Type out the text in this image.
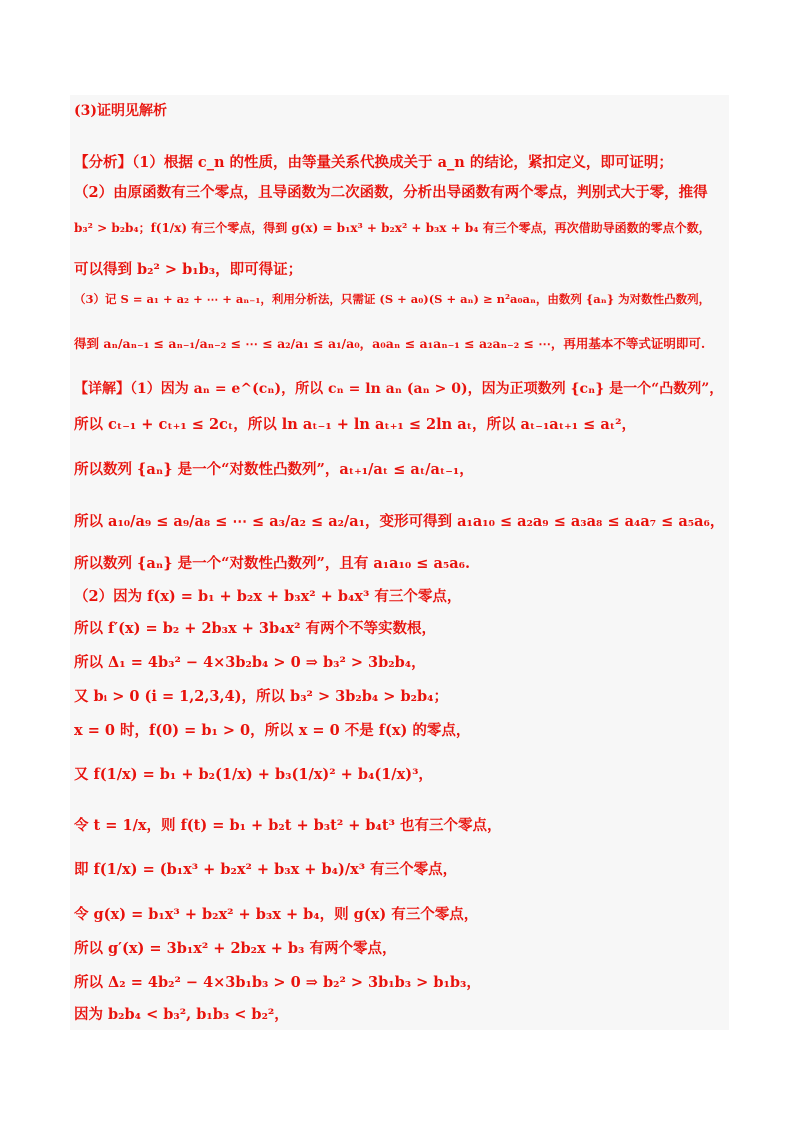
(3)证明见解析
【分析】（1）根据 c_n 的性质，由等量关系代换成关于 a_n 的结论，紧扣定义，即可证明；
（2）由原函数有三个零点，且导函数为二次函数，分析出导函数有两个零点，判别式大于零，推得
b₃² > b₂b₄；f(1/x) 有三个零点，得到 g(x) = b₁x³ + b₂x² + b₃x + b₄ 有三个零点，再次借助导函数的零点个数，
可以得到 b₂² > b₁b₃，即可得证；
（3）记 S = a₁ + a₂ + ⋯ + aₙ₋₁，利用分析法，只需证 (S + a₀)(S + aₙ) ≥ n²a₀aₙ，由数列 {aₙ} 为对数性凸数列，
得到 aₙ/aₙ₋₁ ≤ aₙ₋₁/aₙ₋₂ ≤ ⋯ ≤ a₂/a₁ ≤ a₁/a₀，a₀aₙ ≤ a₁aₙ₋₁ ≤ a₂aₙ₋₂ ≤ ⋯，再用基本不等式证明即可.
【详解】（1）因为 aₙ = e^(cₙ)，所以 cₙ = ln aₙ (aₙ > 0)，因为正项数列 {cₙ} 是一个“凸数列”，
所以 cₜ₋₁ + cₜ₊₁ ≤ 2cₜ，所以 ln aₜ₋₁ + ln aₜ₊₁ ≤ 2ln aₜ，所以 aₜ₋₁aₜ₊₁ ≤ aₜ²，
所以数列 {aₙ} 是一个“对数性凸数列”，aₜ₊₁/aₜ ≤ aₜ/aₜ₋₁，
所以 a₁₀/a₉ ≤ a₉/a₈ ≤ ⋯ ≤ a₃/a₂ ≤ a₂/a₁，变形可得到 a₁a₁₀ ≤ a₂a₉ ≤ a₃a₈ ≤ a₄a₇ ≤ a₅a₆，
所以数列 {aₙ} 是一个“对数性凸数列”，且有 a₁a₁₀ ≤ a₅a₆.
（2）因为 f(x) = b₁ + b₂x + b₃x² + b₄x³ 有三个零点，
所以 f′(x) = b₂ + 2b₃x + 3b₄x² 有两个不等实数根，
所以 Δ₁ = 4b₃² − 4×3b₂b₄ > 0 ⇒ b₃² > 3b₂b₄，
又 bᵢ > 0 (i = 1,2,3,4)，所以 b₃² > 3b₂b₄ > b₂b₄；
x = 0 时，f(0) = b₁ > 0，所以 x = 0 不是 f(x) 的零点，
又 f(1/x) = b₁ + b₂(1/x) + b₃(1/x)² + b₄(1/x)³，
令 t = 1/x，则 f(t) = b₁ + b₂t + b₃t² + b₄t³ 也有三个零点，
即 f(1/x) = (b₁x³ + b₂x² + b₃x + b₄)/x³ 有三个零点，
令 g(x) = b₁x³ + b₂x² + b₃x + b₄，则 g(x) 有三个零点，
所以 g′(x) = 3b₁x² + 2b₂x + b₃ 有两个零点，
所以 Δ₂ = 4b₂² − 4×3b₁b₃ > 0 ⇒ b₂² > 3b₁b₃ > b₁b₃，
因为 b₂b₄ < b₃², b₁b₃ < b₂²，
